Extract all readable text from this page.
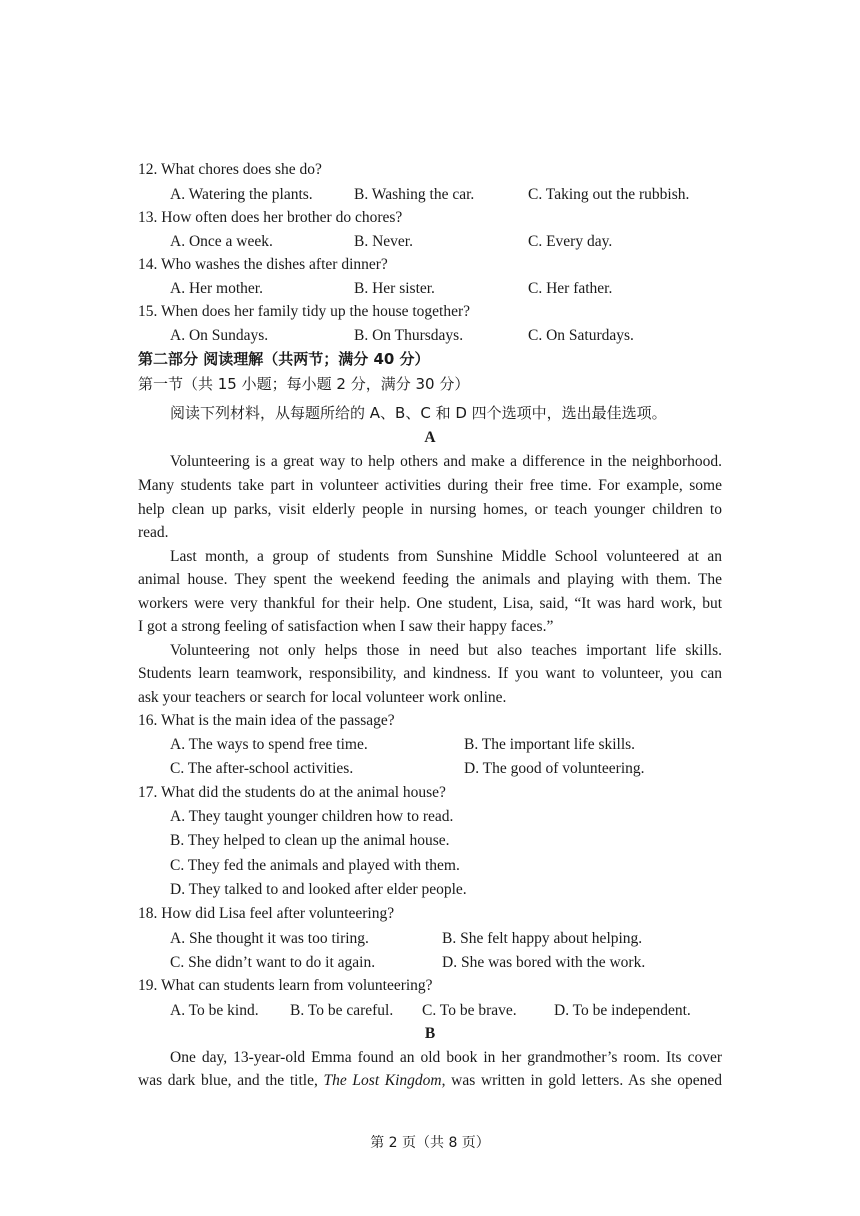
12. What chores does she do?
A. Watering the plants.	B. Washing the car.	C. Taking out the rubbish.
13. How often does her brother do chores?
A. Once a week.	B. Never.	C. Every day.
14. Who washes the dishes after dinner?
A. Her mother.	B. Her sister.	C. Her father.
15. When does her family tidy up the house together?
A. On Sundays.	B. On Thursdays.	C. On Saturdays.
第二部分 阅读理解（共两节；满分 40 分）
第一节（共 15 小题；每小题 2 分，满分 30 分）
阅读下列材料，从每题所给的 A、B、C 和 D 四个选项中，选出最佳选项。
A
Volunteering is a great way to help others and make a difference in the neighborhood.
Many students take part in volunteer activities during their free time. For example, some
help clean up parks, visit elderly people in nursing homes, or teach younger children to
read.
Last month, a group of students from Sunshine Middle School volunteered at an
animal house. They spent the weekend feeding the animals and playing with them. The
workers were very thankful for their help. One student, Lisa, said, “It was hard work, but
I got a strong feeling of satisfaction when I saw their happy faces.”
Volunteering not only helps those in need but also teaches important life skills.
Students learn teamwork, responsibility, and kindness. If you want to volunteer, you can
ask your teachers or search for local volunteer work online.
16. What is the main idea of the passage?
A. The ways to spend free time.	B. The important life skills.
C. The after-school activities.	D. The good of volunteering.
17. What did the students do at the animal house?
A. They taught younger children how to read.
B. They helped to clean up the animal house.
C. They fed the animals and played with them.
D. They talked to and looked after elder people.
18. How did Lisa feel after volunteering?
A. She thought it was too tiring.	B. She felt happy about helping.
C. She didn’t want to do it again.	D. She was bored with the work.
19. What can students learn from volunteering?
A. To be kind. B. To be careful. C. To be brave. D. To be independent.
B
One day, 13-year-old Emma found an old book in her grandmother’s room. Its cover
was dark blue, and the title, The Lost Kingdom, was written in gold letters. As she opened
第 2 页（共 8 页）
